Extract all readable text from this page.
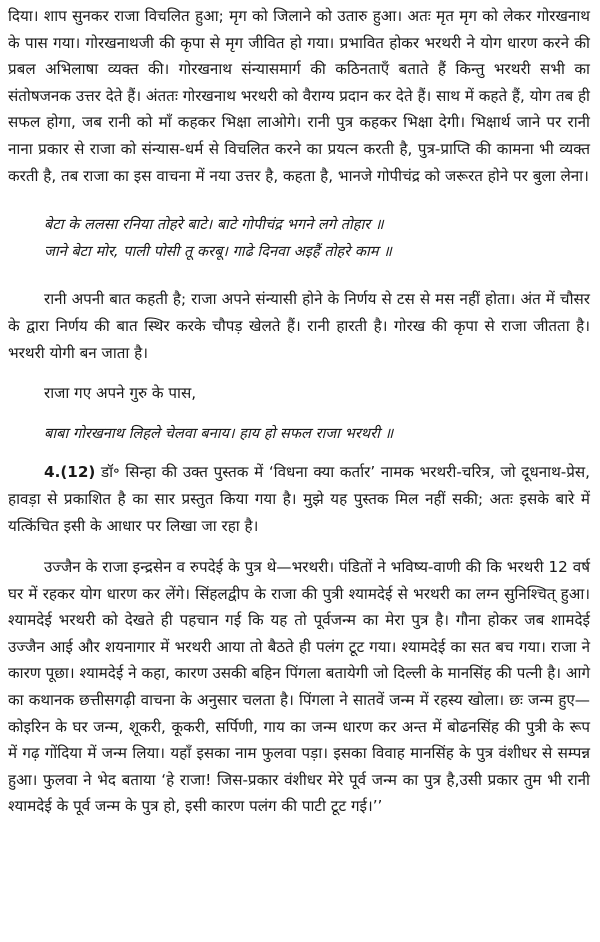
दिया। शाप सुनकर राजा विचलित हुआ; मृग को जिलाने को उतारु हुआ। अतः मृत मृग को लेकर गोरखनाथ के पास गया। गोरखनाथजी की कृपा से मृग जीवित हो गया। प्रभावित होकर भरथरी ने योग धारण करने की प्रबल अभिलाषा व्यक्त की। गोरखनाथ संन्यासमार्ग की कठिनताएँ बताते हैं किन्तु भरथरी सभी का संतोषजनक उत्तर देते हैं। अंततः गोरखनाथ भरथरी को वैराग्य प्रदान कर देते हैं। साथ में कहते हैं, योग तब ही सफल होगा, जब रानी को माँ कहकर भिक्षा लाओगे। रानी पुत्र कहकर भिक्षा देगी। भिक्षार्थ जाने पर रानी नाना प्रकार से राजा को संन्यास-धर्म से विचलित करने का प्रयत्न करती है, पुत्र-प्राप्ति की कामना भी व्यक्त करती है, तब राजा का इस वाचना में नया उत्तर है, कहता है, भानजे गोपीचंद्र को जरूरत होने पर बुला लेना।

बेटा के ललसा रनिया तोहरे बाटे। बाटे गोपीचंद्र भगने लगे तोहार ॥
जाने बेटा मोर, पाली पोसी तू करबू। गाढे दिनवा अइहैं तोहरे काम ॥

रानी अपनी बात कहती है; राजा अपने संन्यासी होने के निर्णय से टस से मस नहीं होता। अंत में चौसर के द्वारा निर्णय की बात स्थिर करके चौपड़ खेलते हैं। रानी हारती है। गोरख की कृपा से राजा जीतता है। भरथरी योगी बन जाता है।

राजा गए अपने गुरु के पास,

बाबा गोरखनाथ लिहले चेलवा बनाय। हाय हो सफल राजा भरथरी ॥

4.(12) डॉ॰ सिन्हा की उक्त पुस्तक में ‘विधना क्या कर्तार’ नामक भरथरी-चरित्र, जो दूधनाथ-प्रेस, हावड़ा से प्रकाशित है का सार प्रस्तुत किया गया है। मुझे यह पुस्तक मिल नहीं सकी; अतः इसके बारे में यत्किंचित इसी के आधार पर लिखा जा रहा है।

उज्जैन के राजा इन्द्रसेन व रुपदेई के पुत्र थे—भरथरी। पंडितों ने भविष्य-वाणी की कि भरथरी 12 वर्ष घर में रहकर योग धारण कर लेंगे। सिंहलद्वीप के राजा की पुत्री श्यामदेई से भरथरी का लग्न सुनिश्चित् हुआ। श्यामदेई भरथरी को देखते ही पहचान गई कि यह तो पूर्वजन्म का मेरा पुत्र है। गौना होकर जब शामदेई उज्जैन आई और शयनागार में भरथरी आया तो बैठते ही पलंग टूट गया। श्यामदेई का सत बच गया। राजा ने कारण पूछा। श्यामदेई ने कहा, कारण उसकी बहिन पिंगला बतायेगी जो दिल्ली के मानसिंह की पत्नी है। आगे का कथानक छत्तीसगढ़ी वाचना के अनुसार चलता है। पिंगला ने सातवें जन्म में रहस्य खोला। छः जन्म हुए—कोइरिन के घर जन्म, शूकरी, कूकरी, सर्पिणी, गाय का जन्म धारण कर अन्त में बोढनसिंह की पुत्री के रूप में गढ़ गोंदिया में जन्म लिया। यहाँ इसका नाम फुलवा पड़ा। इसका विवाह मानसिंह के पुत्र वंशीधर से सम्पन्न हुआ। फुलवा ने भेद बताया ‘हे राजा! जिस-प्रकार वंशीधर मेरे पूर्व जन्म का पुत्र है,उसी प्रकार तुम भी रानी श्यामदेई के पूर्व जन्म के पुत्र हो, इसी कारण पलंग की पाटी टूट गई।’’
